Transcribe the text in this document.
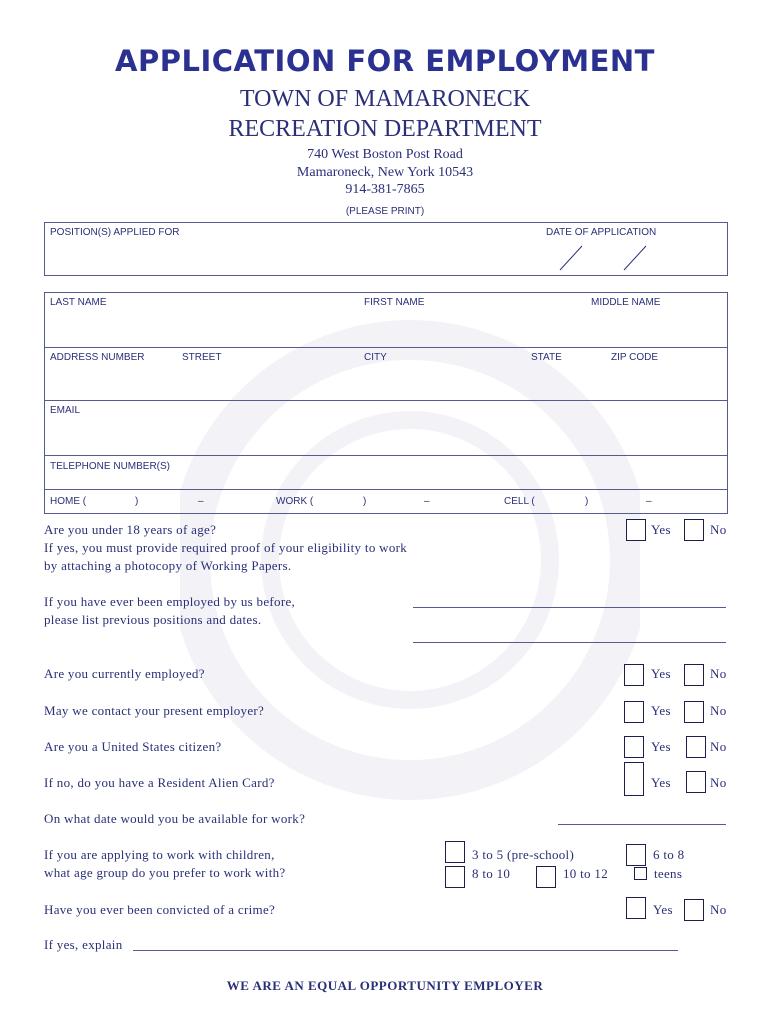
APPLICATION FOR EMPLOYMENT
TOWN OF MAMARONECK
RECREATION DEPARTMENT
740 West Boston Post Road
Mamaroneck, New York 10543
914-381-7865
(PLEASE PRINT)
POSITION(S) APPLIED FOR	DATE OF APPLICATION
LAST NAME	FIRST NAME	MIDDLE NAME
ADDRESS NUMBER	STREET	CITY	STATE	ZIP CODE
EMAIL
TELEPHONE NUMBER(S)
HOME (	)	–	WORK (	)	–	CELL (	)	–
Are you under 18 years of age?
If yes, you must provide required proof of your eligibility to work
by attaching a photocopy of Working Papers.
Yes	No
If you have ever been employed by us before,
please list previous positions and dates.
Are you currently employed?	Yes	No
May we contact your present employer?	Yes	No
Are you a United States citizen?	Yes	No
If no, do you have a Resident Alien Card?	Yes	No
On what date would you be available for work?
If you are applying to work with children,
what age group do you prefer to work with?
3 to 5 (pre-school)
8 to 10	10 to 12
6 to 8
teens
Have you ever been convicted of a crime?	Yes	No
If yes, explain
WE ARE AN EQUAL OPPORTUNITY EMPLOYER
